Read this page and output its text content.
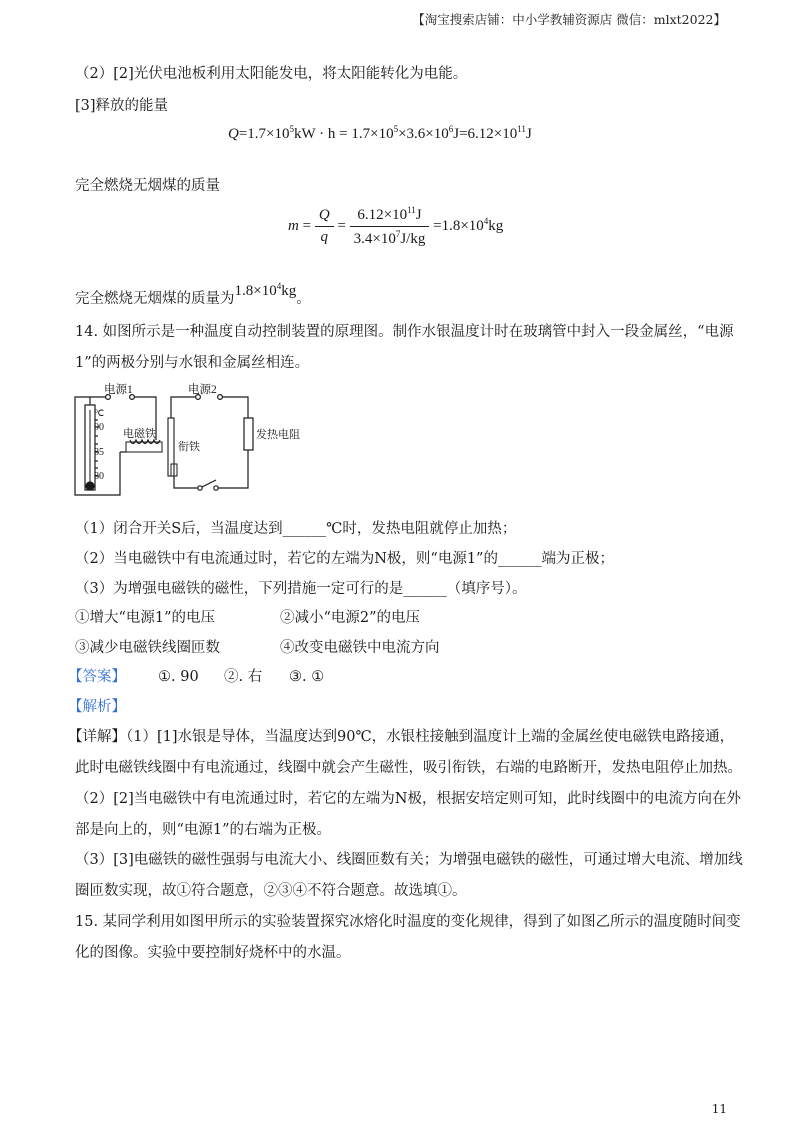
【淘宝搜索店铺：中小学教辅资源店 微信：mlxt2022】
（2）[2]光伏电池板利用太阳能发电，将太阳能转化为电能。
[3]释放的能量
$Q=1.7\times 10^5kW \cdot h = 1.7\times 10^5\times 3.6\times 10^6J=6.12\times 10^{11}J$
完全燃烧无烟煤的质量
$m = \frac{Q}{q} = \frac{6.12\times 10^{11}J}{3.4\times 10^7J/kg} =1.8\times 10^4kg$
完全燃烧无烟煤的质量为$1.8\times 10^4kg$。
14. 如图所示是一种温度自动控制装置的原理图。制作水银温度计时在玻璃管中封入一段金属丝，“电源
1”的两极分别与水银和金属丝相连。
电源1	电源2
电磁铁
衔铁
发热电阻
℃
90
85
80
（1）闭合开关S后，当温度达到______℃时，发热电阻就停止加热；
（2）当电磁铁中有电流通过时，若它的左端为N极，则“电源1”的______端为正极；
（3）为增强电磁铁的磁性，下列措施一定可行的是______（填序号）。
①增大“电源1”的电压	②减小“电源2”的电压
③减少电磁铁线圈匝数	④改变电磁铁中电流方向
【答案】 ①. 90 ②. 右 ③. ①
【解析】
【详解】（1）[1]水银是导体，当温度达到90℃，水银柱接触到温度计上端的金属丝使电磁铁电路接通，
此时电磁铁线圈中有电流通过，线圈中就会产生磁性，吸引衔铁，右端的电路断开，发热电阻停止加热。
（2）[2]当电磁铁中有电流通过时，若它的左端为N极，根据安培定则可知，此时线圈中的电流方向在外
部是向上的，则“电源1”的右端为正极。
（3）[3]电磁铁的磁性强弱与电流大小、线圈匝数有关；为增强电磁铁的磁性，可通过增大电流、增加线
圈匝数实现，故①符合题意，②③④不符合题意。故选填①。
15. 某同学利用如图甲所示的实验装置探究冰熔化时温度的变化规律，得到了如图乙所示的温度随时间变
化的图像。实验中要控制好烧杯中的水温。
11
